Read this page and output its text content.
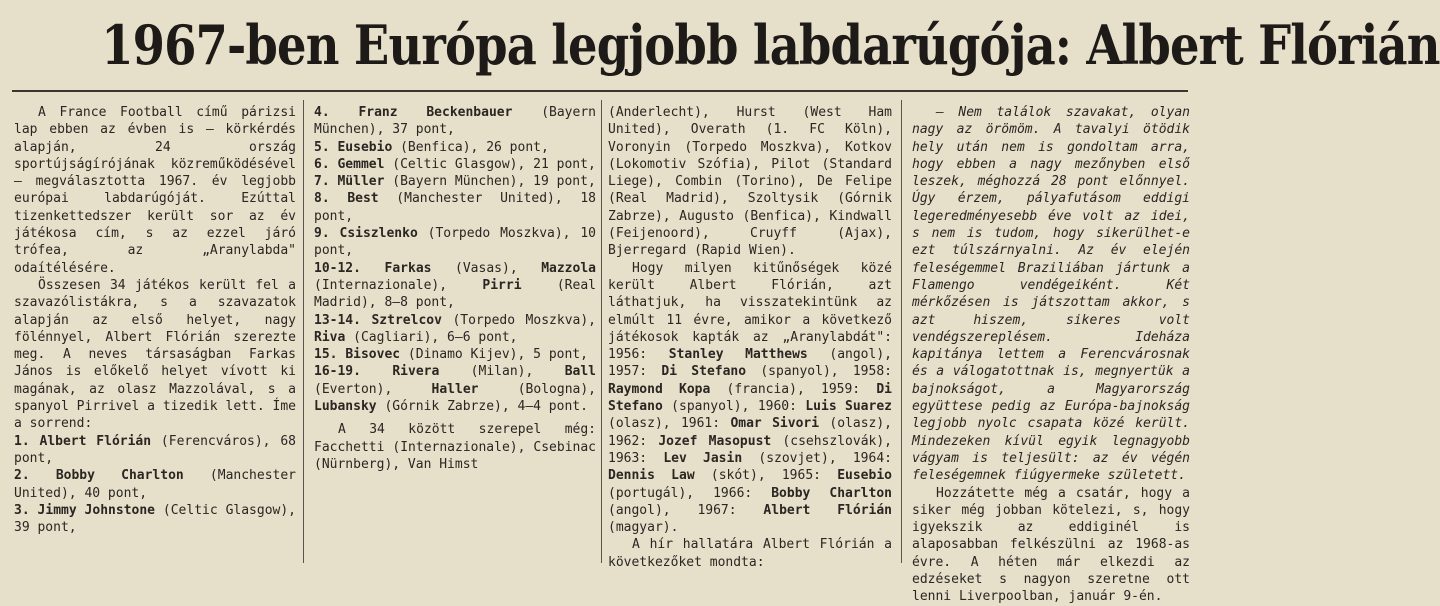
1967-ben Európa legjobb labdarúgója: Albert Flórián

A France Football című párizsi lap ebben az évben is — körkérdés alapján, 24 ország sportújságírójának közreműködésével — megválasztotta 1967. év legjobb európai labdarúgóját. Ezúttal tizenkettedszer került sor az év játékosa cím, s az ezzel járó trófea, az „Aranylabda" odaítélésére.

Összesen 34 játékos került fel a szavazólistákra, s a szavazatok alapján az első helyet, nagy fölénnyel, Albert Flórián szerezte meg. A neves társaságban Farkas János is előkelő helyet vívott ki magának, az olasz Mazzolával, s a spanyol Pirrivel a tizedik lett. Íme a sorrend:

1. Albert Flórián (Ferencváros), 68 pont,

2. Bobby Charlton (Manchester United), 40 pont,

3. Jimmy Johnstone (Celtic Glasgow), 39 pont,

4. Franz Beckenbauer (Bayern München), 37 pont,

5. Eusebio (Benfica), 26 pont,

6. Gemmel (Celtic Glasgow), 21 pont,

7. Müller (Bayern München), 19 pont,

8. Best (Manchester United), 18 pont,

9. Csiszlenko (Torpedo Moszkva), 10 pont,

10-12. Farkas (Vasas), Mazzola (Internazionale), Pirri (Real Madrid), 8—8 pont,

13-14. Sztrelcov (Torpedo Moszkva), Riva (Cagliari), 6—6 pont,

15. Bisovec (Dinamo Kijev), 5 pont,

16-19. Rivera (Milan), Ball (Everton), Haller (Bologna), Lubansky (Górnik Zabrze), 4—4 pont.

A 34 között szerepel még: Facchetti (Internazionale), Csebinac (Nürnberg), Van Himst

(Anderlecht), Hurst (West Ham United), Overath (1. FC Köln), Voronyin (Torpedo Moszkva), Kotkov (Lokomotiv Szófia), Pilot (Standard Liege), Combin (Torino), De Felipe (Real Madrid), Szoltysik (Górnik Zabrze), Augusto (Benfica), Kindwall (Feijenoord), Cruyff (Ajax), Bjerregard (Rapid Wien).

Hogy milyen kitűnőségek közé került Albert Flórián, azt láthatjuk, ha visszatekintünk az elmúlt 11 évre, amikor a következő játékosok kapták az „Aranylabdát": 1956: Stanley Matthews (angol), 1957: Di Stefano (spanyol), 1958: Raymond Kopa (francia), 1959: Di Stefano (spanyol), 1960: Luis Suarez (olasz), 1961: Omar Sivori (olasz), 1962: Jozef Masopust (csehszlovák), 1963: Lev Jasin (szovjet), 1964: Dennis Law (skót), 1965: Eusebio (portugál), 1966: Bobby Charlton (angol), 1967: Albert Flórián (magyar).

A hír hallatára Albert Flórián a következőket mondta:

— Nem találok szavakat, olyan nagy az örömöm. A tavalyi ötödik hely után nem is gondoltam arra, hogy ebben a nagy mezőnyben első leszek, méghozzá 28 pont előnnyel. Úgy érzem, pályafutásom eddigi legeredményesebb éve volt az idei, s nem is tudom, hogy sikerülhet-e ezt túlszárnyalni. Az év elején feleségemmel Braziliában jártunk a Flamengo vendégeiként. Két mérkőzésen is játszottam akkor, s azt hiszem, sikeres volt vendégszereplésem. Ideháza kapitánya lettem a Ferencvárosnak és a válogatottnak is, megnyertük a bajnokságot, a Magyarország együttese pedig az Európa-bajnokság legjobb nyolc csapata közé került. Mindezeken kívül egyik legnagyobb vágyam is teljesült: az év végén feleségemnek fiúgyermeke született.

Hozzátette még a csatár, hogy a siker még jobban kötelezi, s, hogy igyekszik az eddiginél is alaposabban felkészülni az 1968-as évre. A héten már elkezdi az edzéseket s nagyon szeretne ott lenni Liverpoolban, január 9-én.
